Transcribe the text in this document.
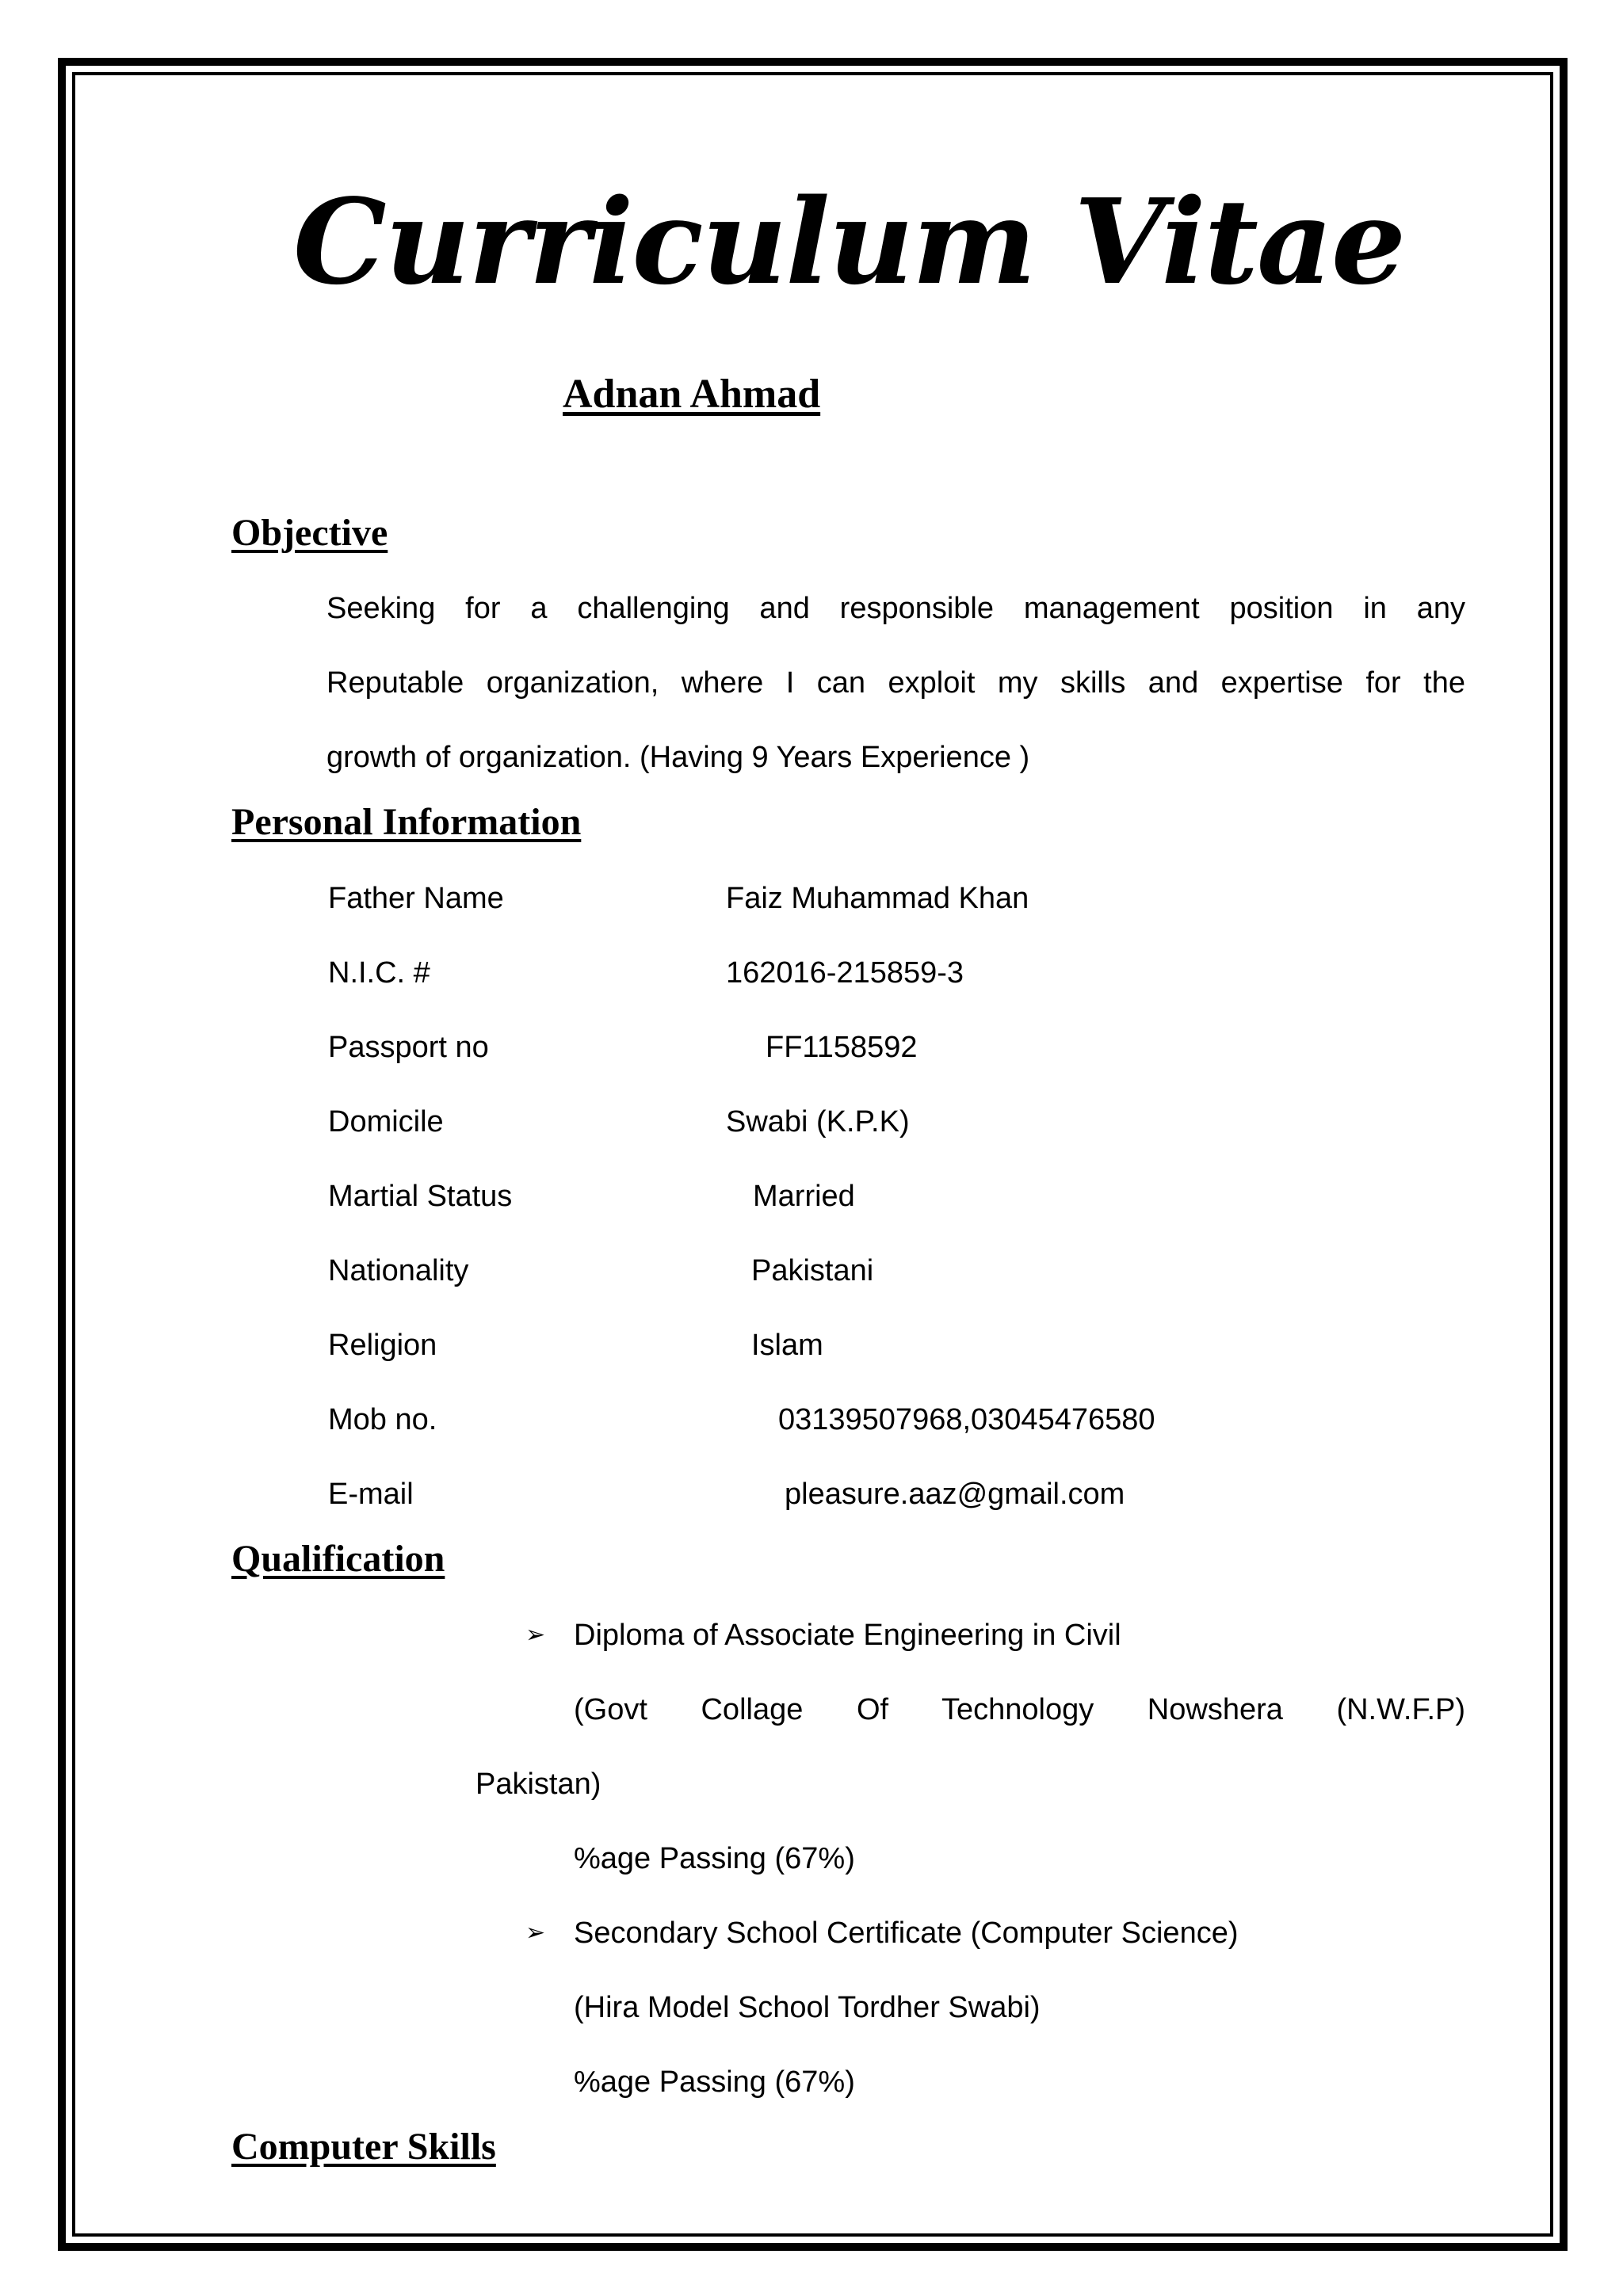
Curriculum Vitae
Adnan Ahmad
Objective
Seeking for a challenging and responsible management position in any
Reputable organization, where I can exploit my skills and expertise for the
growth of organization. (Having 9 Years Experience )
Personal Information
Father Name	Faiz Muhammad Khan
N.I.C. #	162016-215859-3
Passport no	FF1158592
Domicile	Swabi (K.P.K)
Martial Status	Married
Nationality	Pakistani
Religion	Islam
Mob no.	03139507968,03045476580
E-mail	pleasure.aaz@gmail.com
Qualification
➢ Diploma of Associate Engineering in Civil
(Govt Collage Of Technology Nowshera (N.W.F.P)
Pakistan)
%age Passing (67%)
➢ Secondary School Certificate (Computer Science)
(Hira Model School Tordher Swabi)
%age Passing (67%)
Computer Skills
